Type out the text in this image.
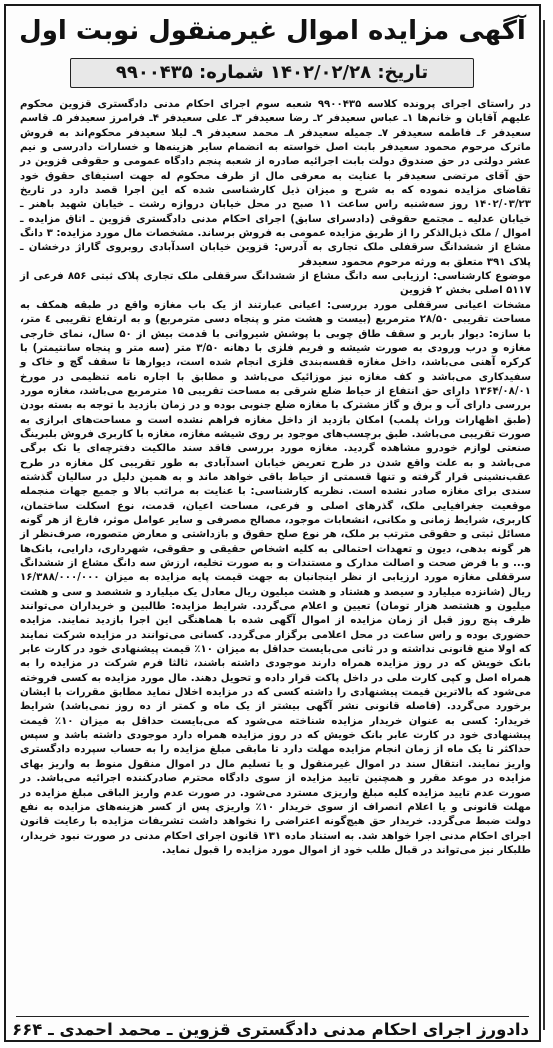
آگهی مزایده اموال غیرمنقول نوبت اول
تاریخ: ۱۴۰۲/۰۲/۲۸ شماره: ۹۹۰۰۴۳۵

در راستای اجرای پرونده کلاسه ۹۹۰۰۴۳۵ شعبه سوم اجرای احکام مدنی دادگستری قزوین محکوم علیهم آقایان و خانم‌ها ۱ـ عباس سعیدفر ۲ـ رضا سعیدفر ۳ـ علی سعیدفر ۴ـ فرامرز سعیدفر ۵ـ قاسم سعیدفر ۶ـ فاطمه سعیدفر ۷ـ جمیله سعیدفر ۸ـ محمد سعیدفر ۹ـ لیلا سعیدفر محکوم‌اند به فروش ماترک مرحوم محمود سعیدفر بابت اصل خواسته به انضمام سایر هزینه‌ها و خسارات دادرسی و نیم عشر دولتی در حق صندوق دولت بابت اجرائیه صادره از شعبه پنجم دادگاه عمومی و حقوقی قزوین در حق آقای مرتضی سعیدفر با عنایت به معرفی مال از طرف محکوم له جهت استیفای حقوق خود تقاضای مزایده نموده که به شرح و میزان ذیل کارشناسی شده که این اجرا قصد دارد در تاریخ ۱۴۰۲/۰۳/۲۳ روز سه‌شنبه راس ساعت ۱۱ صبح در محل خیابان دروازه رشت ـ خیابان شهید باهنر ـ خیابان عدلیه ـ مجتمع حقوقی (دادسرای سابق) اجرای احکام مدنی دادگستری قزوین ـ اتاق مزایده ـ اموال / ملک ذیل‌الذکر را از طریق مزایده عمومی به فروش برساند. مشخصات مال مورد مزایده: ۳ دانگ مشاع از ششدانگ سرقفلی ملک تجاری به آدرس: قزوین خیابان اسدآبادی روبروی گاراژ درخشان ـ پلاک ۳۹۱ متعلق به ورثه مرحوم محمود سعیدفر

موضوع کارشناسی: ارزیابی سه دانگ مشاع از ششدانگ سرقفلی ملک تجاری پلاک ثبتی ۸۵۶ فرعی از ۵۱۱۷ اصلی بخش ۲ قزوین

مشخات اعیانی سرقفلی مورد بررسی: اعیانی عبارتند از یک باب مغازه واقع در طبقه همکف به مساحت تقریبی ۲۸/۵۰ مترمربع (بیست و هشت متر و پنجاه دسی مترمربع) و به ارتفاع تقریبی ٤ متر، با سازه: دیوار باربر و سقف طاق چوبی با پوشش شیروانی با قدمت بیش از ۵۰ سال، نمای خارجی مغازه و درب ورودی به صورت شیشه و فریم فلزی با دهانه ۳/۵۰ متر (سه متر و پنجاه سانتیمتر) با کرکره آهنی می‌باشد، داخل مغازه قفسه‌بندی فلزی انجام شده است، دیوارها تا سقف گچ و خاک و سفیدکاری می‌باشد و کف مغازه نیز موزائیک می‌باشد و مطابق با اجاره نامه تنظیمی در مورخ ۱۳۶۴/۰۸/۰۱ دارای حق انتفاع از حیاط ضلع شرقی به مساحت تقریبی ۱۵ مترمربع می‌باشد، مغازه مورد بررسی دارای آب و برق و گاز مشترک با مغازه ضلع جنوبی بوده و در زمان بازدید با توجه به بسته بودن (طبق اظهارات وراث پلمب) امکان بازدید از داخل مغازه فراهم نشده است و مساحت‌های ابرازی به صورت تقریبی می‌باشد. طبق برچسب‌های موجود بر روی شیشه مغازه، مغازه با کاربری فروش بلبرینگ صنعتی لوازم خودرو مشاهده گردید. مغازه مورد بررسی فاقد سند مالکیت دفترچه‌ای یا تک برگی می‌باشد و به علت واقع شدن در طرح تعریض خیابان اسدآبادی به طور تقریبی کل مغازه در طرح عقب‌نشینی قرار گرفته و تنها قسمتی از حیاط باقی خواهد ماند و به همین دلیل در سالیان گذشته سندی برای مغازه صادر نشده است. نظریه کارشناسی: با عنایت به مراتب بالا و جمیع جهات منجمله موقعیت جغرافیایی ملک، گذرهای اصلی و فرعی، مساحت اعیان، قدمت، نوع اسکلت ساختمان، کاربری، شرایط زمانی و مکانی، انشعابات موجود، مصالح مصرفی و سایر عوامل موثر، فارغ از هر گونه مسائل ثبتی و حقوقی مترتب بر ملک، هر نوع صلح حقوق و بازداشتی و معارض متصوره، صرف‌نظر از هر گونه بدهی، دیون و تعهدات احتمالی به کلیه اشخاص حقیقی و حقوقی، شهرداری، دارایی، بانک‌ها و... و با فرض صحت و اصالت مدارک و مستندات و به صورت تخلیه، ارزش سه دانگ مشاع از ششدانگ سرقفلی مغازه مورد ارزیابی از نظر اینجانبان به جهت قیمت پایه مزایده به میزان ۱۶/۳۸۸/۰۰۰/۰۰۰ ریال (شانزده میلیارد و سیصد و هشتاد و هشت میلیون ریال معادل یک میلیارد و ششصد و سی و هشت میلیون و هشتصد هزار تومان) تعیین و اعلام می‌گردد. شرایط مزایده: طالبین و خریداران می‌توانند ظرف پنج روز قبل از زمان مزایده از اموال آگهی شده با هماهنگی این اجرا بازدید نمایند. مزایده حضوری بوده و راس ساعت در محل اعلامی برگزار می‌گردد. کسانی می‌توانند در مزایده شرکت نمایند که اولا منع قانونی نداشته و در ثانی می‌بایست حداقل به میزان ۱۰٪ قیمت پیشنهادی خود در کارت عابر بانک خویش که در روز مزایده همراه دارند موجودی داشته باشند، ثالثا فرم شرکت در مزایده را به همراه اصل و کپی کارت ملی در داخل پاکت قرار داده و تحویل دهند. مال مورد مزایده به کسی فروخته می‌شود که بالاترین قیمت پیشنهادی را داشته کسی که در مزایده اخلال نماید مطابق مقررات با ایشان برخورد می‌گردد. (فاصله قانونی نشر آگهی بیشتر از یک ماه و کمتر از ده روز نمی‌باشد) شرایط خریدار: کسی به عنوان خریدار مزایده شناخته می‌شود که می‌بایست حداقل به میزان ۱۰٪ قیمت پیشنهادی خود در کارت عابر بانک خویش که در روز مزایده همراه دارد موجودی داشته باشد و سپس حداکثر تا یک ماه از زمان انجام مزایده مهلت دارد تا مابقی مبلغ مزایده را به حساب سپرده دادگستری واریز نمایند. انتقال سند در اموال غیرمنقول و یا تسلیم مال در اموال منقول منوط به واریز بهای مزایده در موعد مقرر و همچنین تایید مزایده از سوی دادگاه محترم صادرکننده اجرائیه می‌باشد. در صورت عدم تایید مزایده کلیه مبلغ واریزی مسترد می‌شود. در صورت عدم واریز الباقی مبلغ مزایده در مهلت قانونی و یا اعلام انصراف از سوی خریدار ۱۰٪ واریزی پس از کسر هزینه‌های مزایده به نفع دولت ضبط می‌گردد. خریدار حق هیچ‌گونه اعتراضی را نخواهد داشت تشریفات مزایده با رعایت قانون اجرای احکام مدنی اجرا خواهد شد. به استناد ماده ۱۳۱ قانون اجرای احکام مدنی در صورت نبود خریدار، طلبکار نیز می‌تواند در قبال طلب خود از اموال مورد مزایده را قبول نماید.

دادورز اجرای احکام مدنی دادگستری قزوین ـ محمد احمدی ـ ۶۶۴
